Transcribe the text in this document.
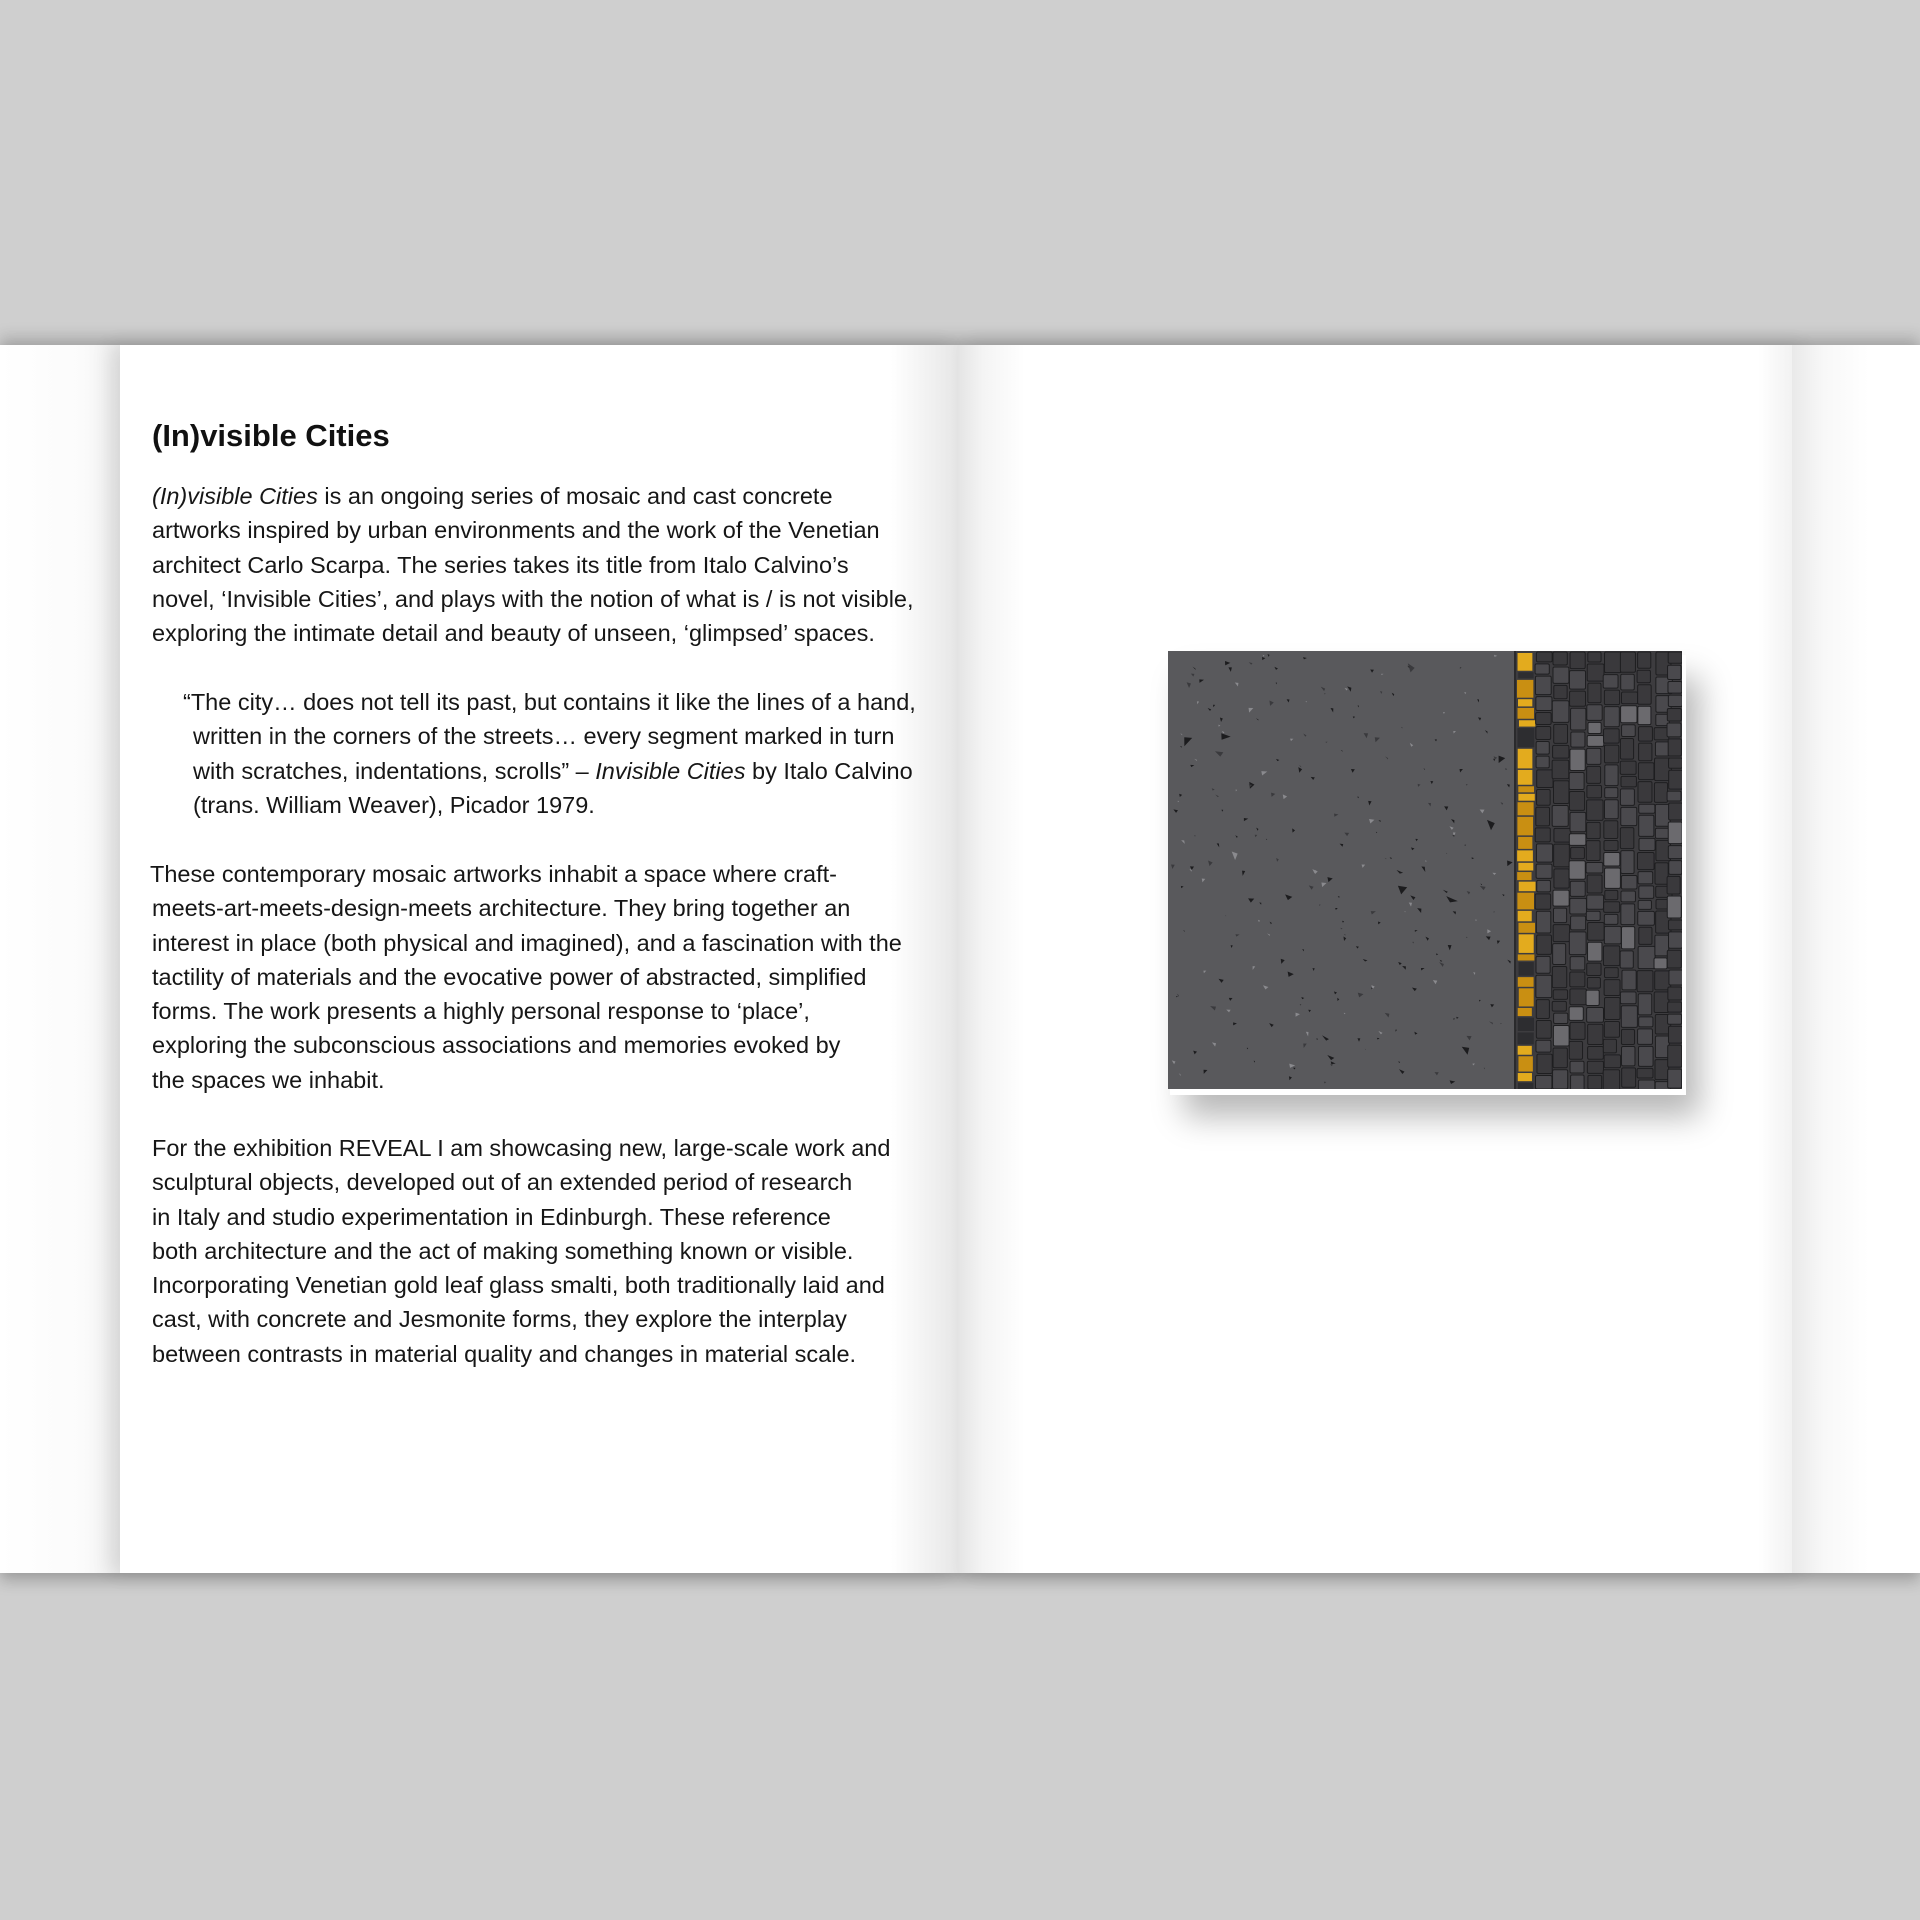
(In)visible Cities
(In)visible Cities is an ongoing series of mosaic and cast concrete
artworks inspired by urban environments and the work of the Venetian
architect Carlo Scarpa. The series takes its title from Italo Calvino’s
novel, ‘Invisible Cities’, and plays with the notion of what is / is not visible,
exploring the intimate detail and beauty of unseen, ‘glimpsed’ spaces.
“The city… does not tell its past, but contains it like the lines of a hand,
written in the corners of the streets… every segment marked in turn
with scratches, indentations, scrolls” – Invisible Cities by Italo Calvino
(trans. William Weaver), Picador 1979.
These contemporary mosaic artworks inhabit a space where craft-
meets-art-meets-design-meets architecture. They bring together an
interest in place (both physical and imagined), and a fascination with the
tactility of materials and the evocative power of abstracted, simplified
forms. The work presents a highly personal response to ‘place’,
exploring the subconscious associations and memories evoked by
the spaces we inhabit.
For the exhibition REVEAL I am showcasing new, large-scale work and
sculptural objects, developed out of an extended period of research
in Italy and studio experimentation in Edinburgh. These reference
both architecture and the act of making something known or visible.
Incorporating Venetian gold leaf glass smalti, both traditionally laid and
cast, with concrete and Jesmonite forms, they explore the interplay
between contrasts in material quality and changes in material scale.
